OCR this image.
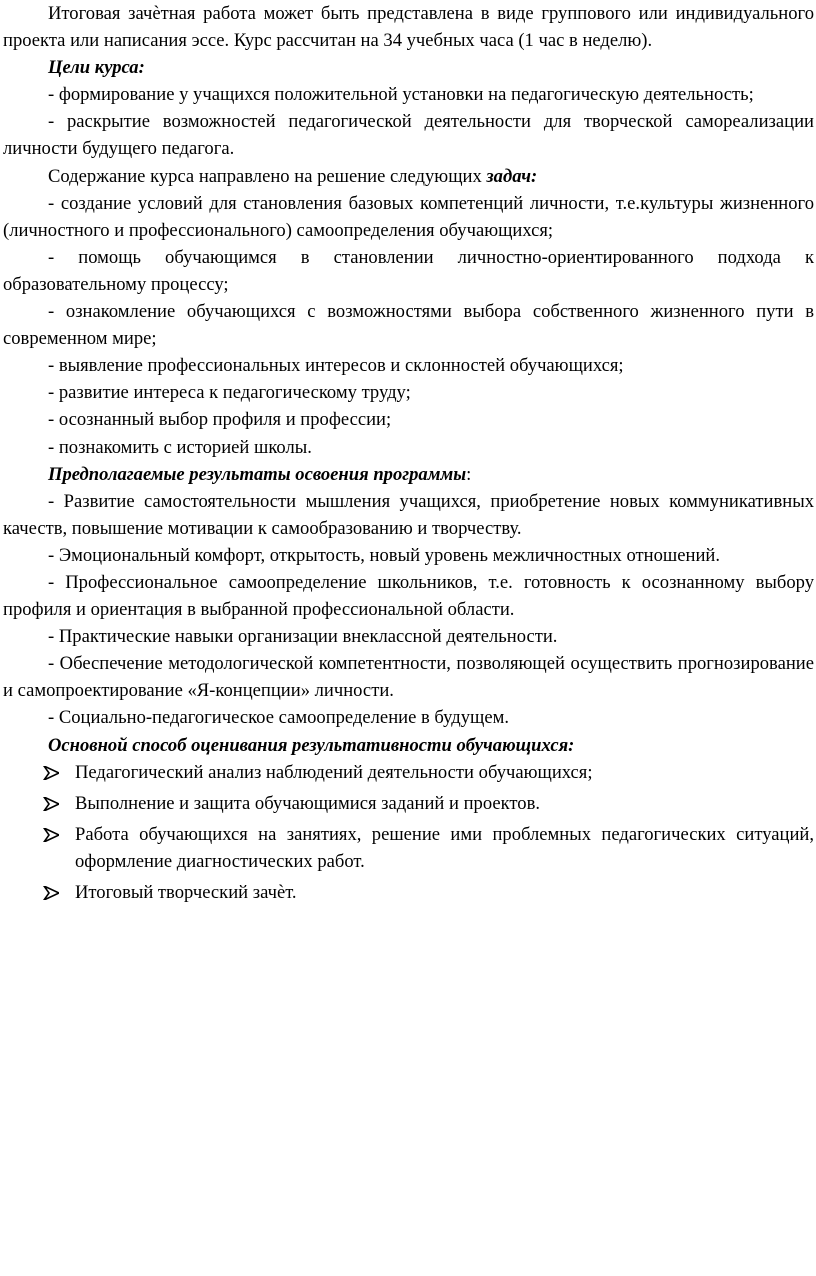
Итоговая зачѐтная работа может быть представлена в виде группового или индивидуального проекта или написания эссе. Курс рассчитан на 34 учебных часа (1 час в неделю).

Цели курса:

- формирование у учащихся положительной установки на педагогическую деятельность;

- раскрытие возможностей педагогической деятельности для творческой самореализации личности будущего педагога.

Содержание курса направлено на решение следующих задач:

- создание условий для становления базовых компетенций личности, т.е.культуры жизненного (личностного и профессионального) самоопределения обучающихся;

- помощь обучающимся в становлении личностно-ориентированного подхода к образовательному процессу;

- ознакомление обучающихся с возможностями выбора собственного жизненного пути в современном мире;

- выявление профессиональных интересов и склонностей обучающихся;

- развитие интереса к педагогическому труду;

- осознанный выбор профиля и профессии;

- познакомить с историей школы.

Предполагаемые результаты освоения программы:

- Развитие самостоятельности мышления учащихся, приобретение новых коммуникативных качеств, повышение мотивации к самообразованию и творчеству.

- Эмоциональный комфорт, открытость, новый уровень межличностных отношений.

- Профессиональное самоопределение школьников, т.е. готовность к осознанному выбору профиля и ориентация в выбранной профессиональной области.

- Практические навыки организации внеклассной деятельности.

- Обеспечение методологической компетентности, позволяющей осуществить прогнозирование и самопроектирование «Я-концепции» личности.

- Социально-педагогическое самоопределение в будущем.

Основной способ оценивания результативности обучающихся:

Педагогический анализ наблюдений деятельности обучающихся;
Выполнение и защита обучающимися заданий и проектов.
Работа обучающихся на занятиях, решение ими проблемных педагогических ситуаций, оформление диагностических работ.
Итоговый творческий зачѐт.
